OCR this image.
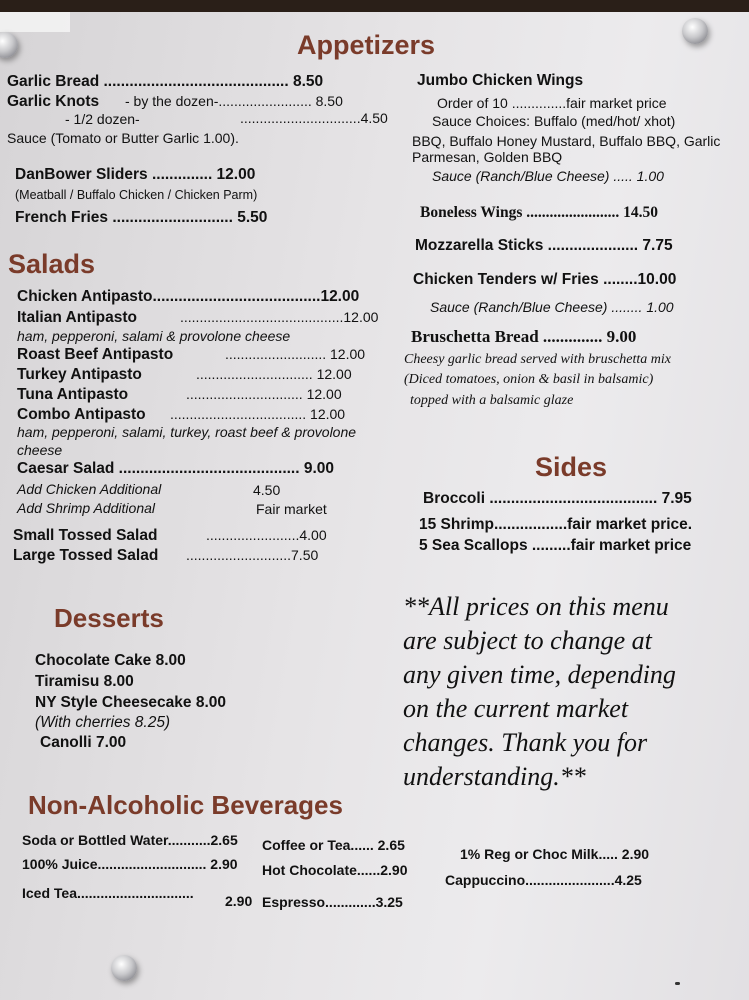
Appetizers
Garlic Bread ........................................... 8.50
Garlic Knots - by the dozen-........................ 8.50
- 1/2 dozen-	...............................4.50
Sauce (Tomato or Butter Garlic 1.00).
DanBower Sliders .............. 12.00
(Meatball / Buffalo Chicken / Chicken Parm)
French Fries ............................ 5.50
Jumbo Chicken Wings
Order of 10 ..............fair market price
Sauce Choices: Buffalo (med/hot/ xhot)
BBQ, Buffalo Honey Mustard, Buffalo BBQ, Garlic
Parmesan, Golden BBQ
Sauce (Ranch/Blue Cheese) ..... 1.00
Boneless Wings ........................ 14.50
Mozzarella Sticks ..................... 7.75
Chicken Tenders w/ Fries ........10.00
Sauce (Ranch/Blue Cheese) ........ 1.00
Bruschetta Bread .............. 9.00
Cheesy garlic bread served with bruschetta mix
(Diced tomatoes, onion & basil in balsamic)
topped with a balsamic glaze
Salads
Chicken Antipasto.......................................12.00
Italian Antipasto	..........................................12.00
ham, pepperoni, salami & provolone cheese
Roast Beef Antipasto	.......................... 12.00
Turkey Antipasto	.............................. 12.00
Tuna Antipasto	.............................. 12.00
Combo Antipasto ................................... 12.00
ham, pepperoni, salami, turkey, roast beef & provolone
cheese
Caesar Salad .......................................... 9.00
Add Chicken Additional	4.50
Add Shrimp Additional	Fair market
Small Tossed Salad	........................4.00
Large Tossed Salad ...........................7.50
Sides
Broccoli ....................................... 7.95
15 Shrimp.................fair market price.
5 Sea Scallops .........fair market price
**All prices on this menu
are subject to change at
any given time, depending
on the current market
changes. Thank you for
understanding.**
Desserts
Chocolate Cake 8.00
Tiramisu 8.00
NY Style Cheesecake 8.00
(With cherries 8.25)
Canolli 7.00
Non-Alcoholic Beverages
Soda or Bottled Water...........2.65 Coffee or Tea...... 2.65
100% Juice............................ 2.90 Hot Chocolate......2.90
1% Reg or Choc Milk..... 2.90
Iced Tea.............................. 2.90 Espresso.............3.25
Cappuccino.......................4.25
